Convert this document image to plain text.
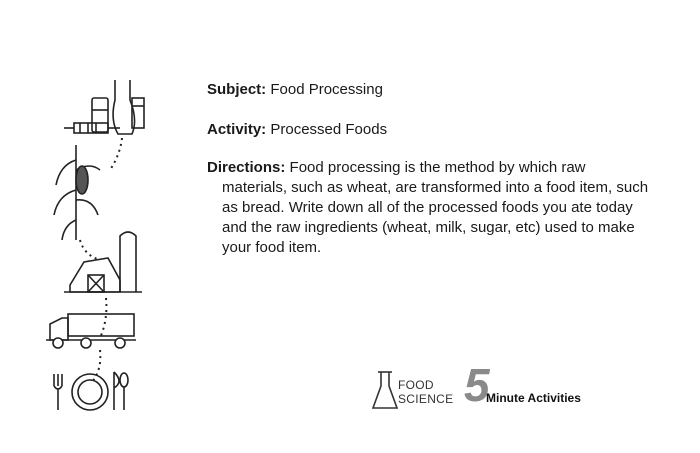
Subject: Food Processing
Activity: Processed Foods
Directions: Food processing is the method by which raw
materials, such as wheat, are transformed into a food item, such as bread. Write down all of the processed foods you ate today and the raw ingredients (wheat, milk, sugar, etc) used to make your food item.
FOOD
SCIENCE 5
Minute Activities
